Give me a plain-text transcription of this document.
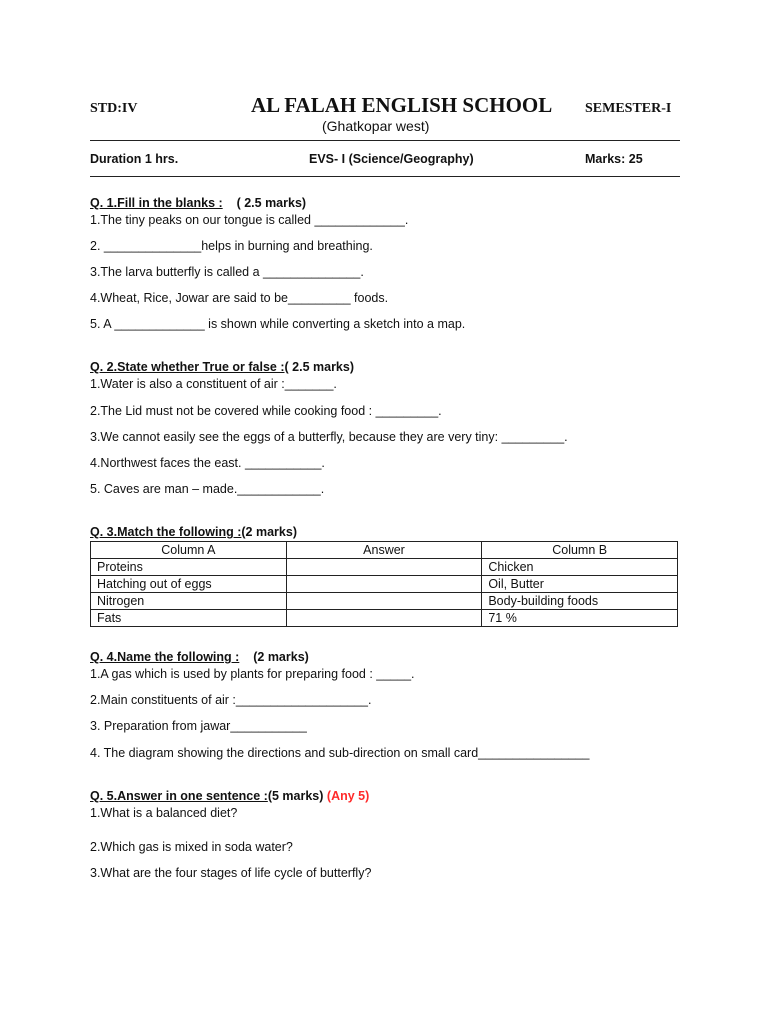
STD:IV	AL FALAH ENGLISH SCHOOL SEMESTER-I
(Ghatkopar west)
Duration 1 hrs.	EVS- I (Science/Geography)	Marks: 25
Q. 1.Fill in the blanks : ( 2.5 marks)
1.The tiny peaks on our tongue is called _____________.
2. ______________helps in burning and breathing.
3.The larva butterfly is called a ______________.
4.Wheat, Rice, Jowar are said to be_________ foods.
5. A _____________ is shown while converting a sketch into a map.
Q. 2.State whether True or false :( 2.5 marks)
1.Water is also a constituent of air :_______.
2.The Lid must not be covered while cooking food : _________.
3.We cannot easily see the eggs of a butterfly, because they are very tiny: _________.
4.Northwest faces the east. ___________.
5. Caves are man – made.____________.
Q. 3.Match the following :(2 marks)
Column A	Answer	Column B
Proteins		Chicken
Hatching out of eggs		Oil, Butter
Nitrogen		Body-building foods
Fats		71 %
Q. 4.Name the following : (2 marks)
1.A gas which is used by plants for preparing food : _____.
2.Main constituents of air :___________________.
3. Preparation from jawar___________
4. The diagram showing the directions and sub-direction on small card________________
Q. 5.Answer in one sentence :(5 marks) (Any 5)
1.What is a balanced diet?
2.Which gas is mixed in soda water?
3.What are the four stages of life cycle of butterfly?
